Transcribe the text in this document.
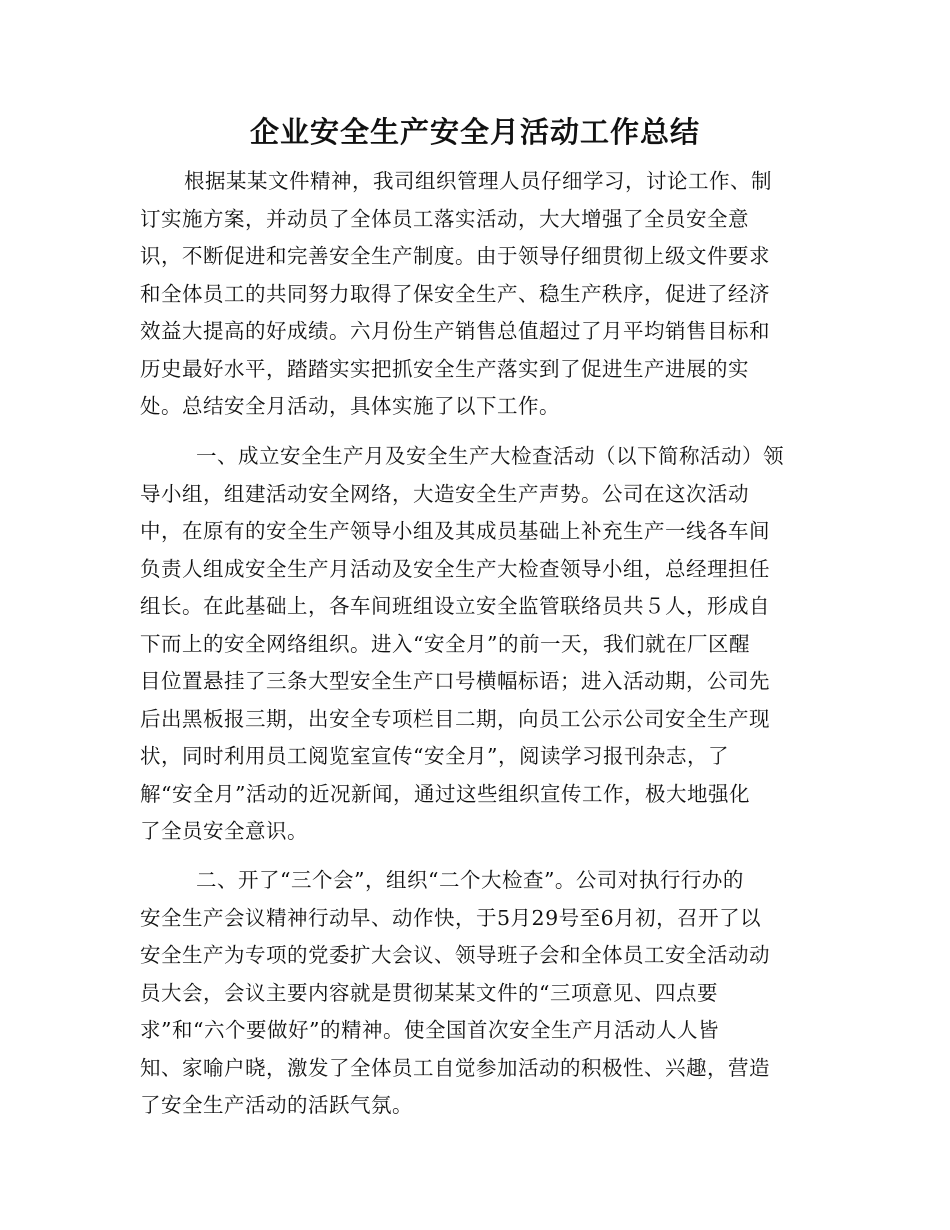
企业安全生产安全月活动工作总结
根据某某文件精神，我司组织管理人员仔细学习，讨论工作、制
订实施方案，并动员了全体员工落实活动，大大增强了全员安全意
识，不断促进和完善安全生产制度。由于领导仔细贯彻上级文件要求
和全体员工的共同努力取得了保安全生产、稳生产秩序，促进了经济
效益大提高的好成绩。六月份生产销售总值超过了月平均销售目标和
历史最好水平，踏踏实实把抓安全生产落实到了促进生产进展的实
处。总结安全月活动，具体实施了以下工作。
一、成立安全生产月及安全生产大检查活动（以下简称活动）领
导小组，组建活动安全网络，大造安全生产声势。公司在这次活动
中，在原有的安全生产领导小组及其成员基础上补充生产一线各车间
负责人组成安全生产月活动及安全生产大检查领导小组，总经理担任
组长。在此基础上，各车间班组设立安全监管联络员共５人，形成自
下而上的安全网络组织。进入“安全月”的前一天，我们就在厂区醒
目位置悬挂了三条大型安全生产口号横幅标语；进入活动期，公司先
后出黑板报三期，出安全专项栏目二期，向员工公示公司安全生产现
状，同时利用员工阅览室宣传“安全月”，阅读学习报刊杂志，了
解“安全月”活动的近况新闻，通过这些组织宣传工作，极大地强化
了全员安全意识。
二、开了“三个会”，组织“二个大检查”。公司对执行行办的
安全生产会议精神行动早、动作快，于5月29号至6月初，召开了以
安全生产为专项的党委扩大会议、领导班子会和全体员工安全活动动
员大会，会议主要内容就是贯彻某某文件的“三项意见、四点要
求”和“六个要做好”的精神。使全国首次安全生产月活动人人皆
知、家喻户晓，激发了全体员工自觉参加活动的积极性、兴趣，营造
了安全生产活动的活跃气氛。
